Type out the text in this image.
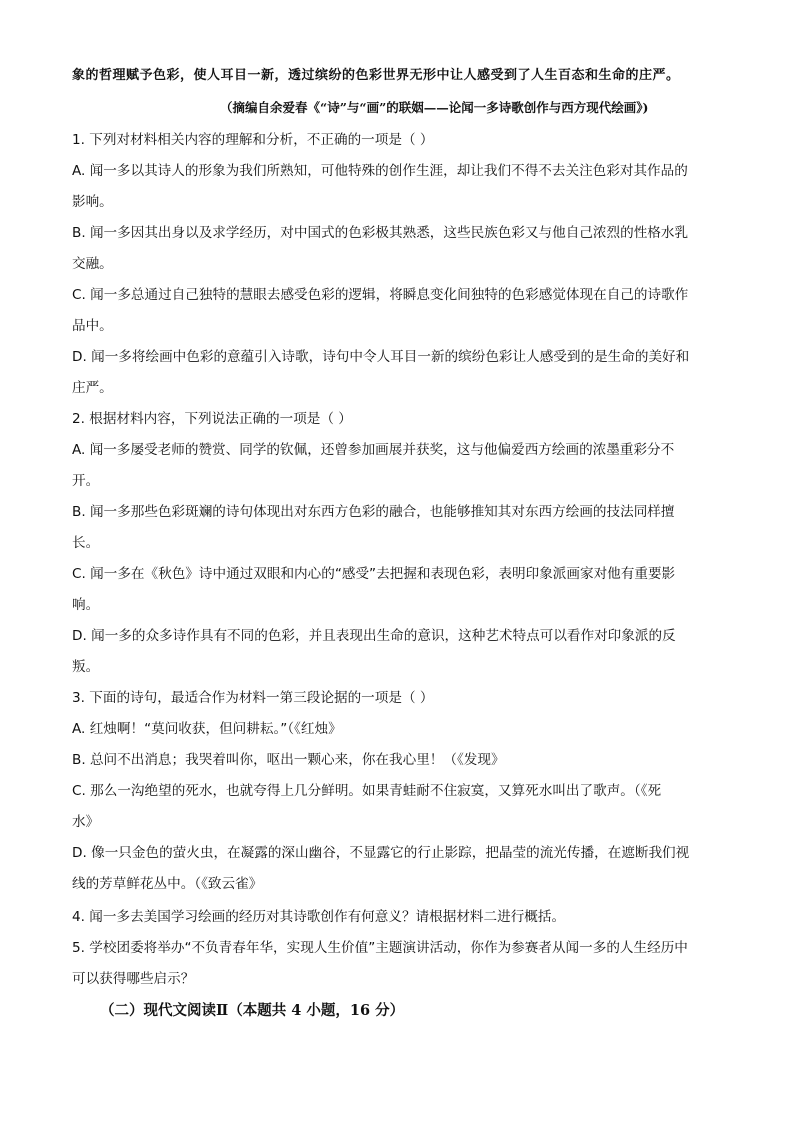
象的哲理赋予色彩，使人耳目一新，透过缤纷的色彩世界无形中让人感受到了人生百态和生命的庄严。
（摘编自余爱春《“诗”与“画”的联姻——论闻一多诗歌创作与西方现代绘画》)
1. 下列对材料相关内容的理解和分析，不正确的一项是（ ）
A. 闻一多以其诗人的形象为我们所熟知，可他特殊的创作生涯，却让我们不得不去关注色彩对其作品的
影响。
B. 闻一多因其出身以及求学经历，对中国式的色彩极其熟悉，这些民族色彩又与他自己浓烈的性格水乳
交融。
C. 闻一多总通过自己独特的慧眼去感受色彩的逻辑，将瞬息变化间独特的色彩感觉体现在自己的诗歌作
品中。
D. 闻一多将绘画中色彩的意蕴引入诗歌，诗句中令人耳目一新的缤纷色彩让人感受到的是生命的美好和
庄严。
2. 根据材料内容，下列说法正确的一项是（ ）
A. 闻一多屡受老师的赞赏、同学的钦佩，还曾参加画展并获奖，这与他偏爱西方绘画的浓墨重彩分不
开。
B. 闻一多那些色彩斑斓的诗句体现出对东西方色彩的融合，也能够推知其对东西方绘画的技法同样擅
长。
C. 闻一多在《秋色》诗中通过双眼和内心的“感受”去把握和表现色彩，表明印象派画家对他有重要影
响。
D. 闻一多的众多诗作具有不同的色彩，并且表现出生命的意识，这种艺术特点可以看作对印象派的反
叛。
3. 下面的诗句，最适合作为材料一第三段论据的一项是（ ）
A. 红烛啊！“莫问收获，但问耕耘。”（《红烛》
B. 总问不出消息；我哭着叫你，呕出一颗心来，你在我心里！（《发现》
C. 那么一沟绝望的死水，也就夸得上几分鲜明。如果青蛙耐不住寂寞，又算死水叫出了歌声。（《死
水》
D. 像一只金色的萤火虫，在凝露的深山幽谷，不显露它的行止影踪，把晶莹的流光传播，在遮断我们视
线的芳草鲜花丛中。（《致云雀》
4. 闻一多去美国学习绘画的经历对其诗歌创作有何意义？请根据材料二进行概括。
5. 学校团委将举办“不负青春年华，实现人生价值”主题演讲活动，你作为参赛者从闻一多的人生经历中
可以获得哪些启示？
（二）现代文阅读Ⅱ（本题共 4 小题，16 分）
